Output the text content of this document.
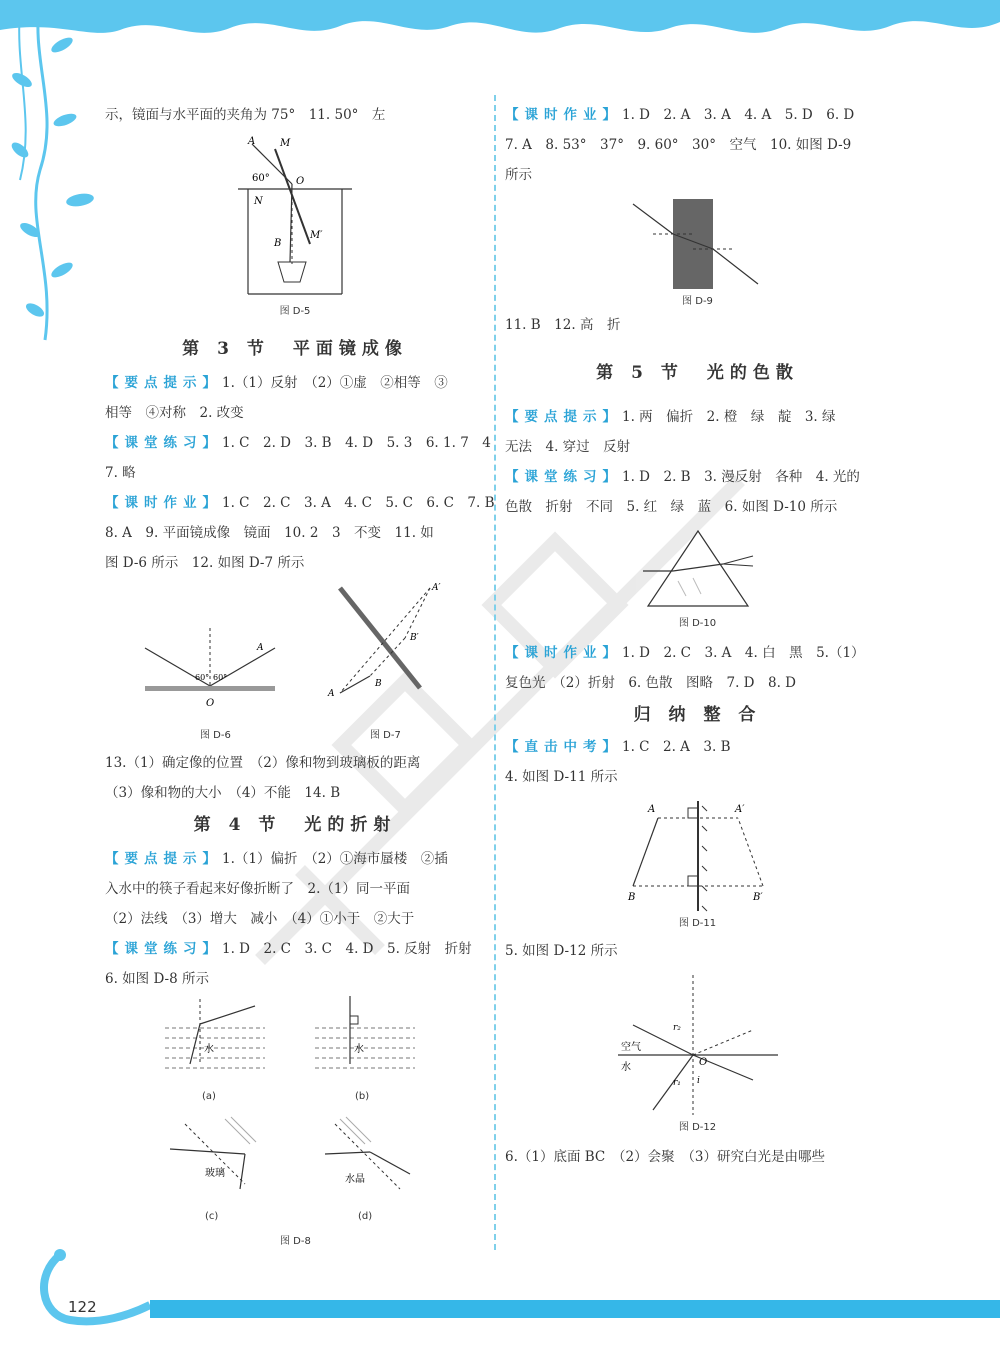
示，镜面与水平面的夹角为 75°　11. 50°　左
A M
60°	O
N
B
M′
图 D-5
第 3 节　平面镜成像
【要点提示】1.（1）反射　（2）①虚　②相等　③
相等　④对称　2. 改变
【课堂练习】1. C　2. D　3. B　4. D　5. 3　6. 1. 7　4
7. 略
【课时作业】1. C　2. C　3. A　4. C　5. C　6. C　7. B
8. A　9. 平面镜成像　镜面　10. 2　3　不变　11. 如
图 D-6 所示　12. 如图 D-7 所示
60° 60°
A
O
图 D-6
A′
B′
A
B
图 D-7
13.（1）确定像的位置　（2）像和物到玻璃板的距离
（3）像和物的大小　（4）不能　14. B
第 4 节　光的折射
【要点提示】1.（1）偏折　（2）①海市蜃楼　②插
入水中的筷子看起来好像折断了　2.（1）同一平面
（2）法线　（3）增大　减小　（4）①小于　②大于
【课堂练习】1. D　2. C　3. C　4. D　5. 反射　折射
6. 如图 D-8 所示
水
(a)
水
(b)
玻璃
(c)
水晶
(d)
图 D-8
【课时作业】1. D　2. A　3. A　4. A　5. D　6. D
7. A　8. 53°　37°　9. 60°　30°　空气　10. 如图 D-9
所示
图 D-9
11. B　12. 高　折
第 5 节　光的色散
【要点提示】1. 两　偏折　2. 橙　绿　靛　3. 绿
无法　4. 穿过　反射
【课堂练习】1. D　2. B　3. 漫反射　各种　4. 光的
色散　折射　不同　5. 红　绿　蓝　6. 如图 D-10 所示
图 D-10
【课时作业】1. D　2. C　3. A　4. 白　黑　5.（1）
复色光　（2）折射　6. 色散　图略　7. D　8. D
归 纳 整 合
【直击中考】1. C　2. A　3. B
4. 如图 D-11 所示
A	A′
B	B′
图 D-11
5. 如图 D-12 所示
空气
水	O
r₂
r₁ i
图 D-12
6.（1）底面 BC　（2）会聚　（3）研究白光是由哪些
122
